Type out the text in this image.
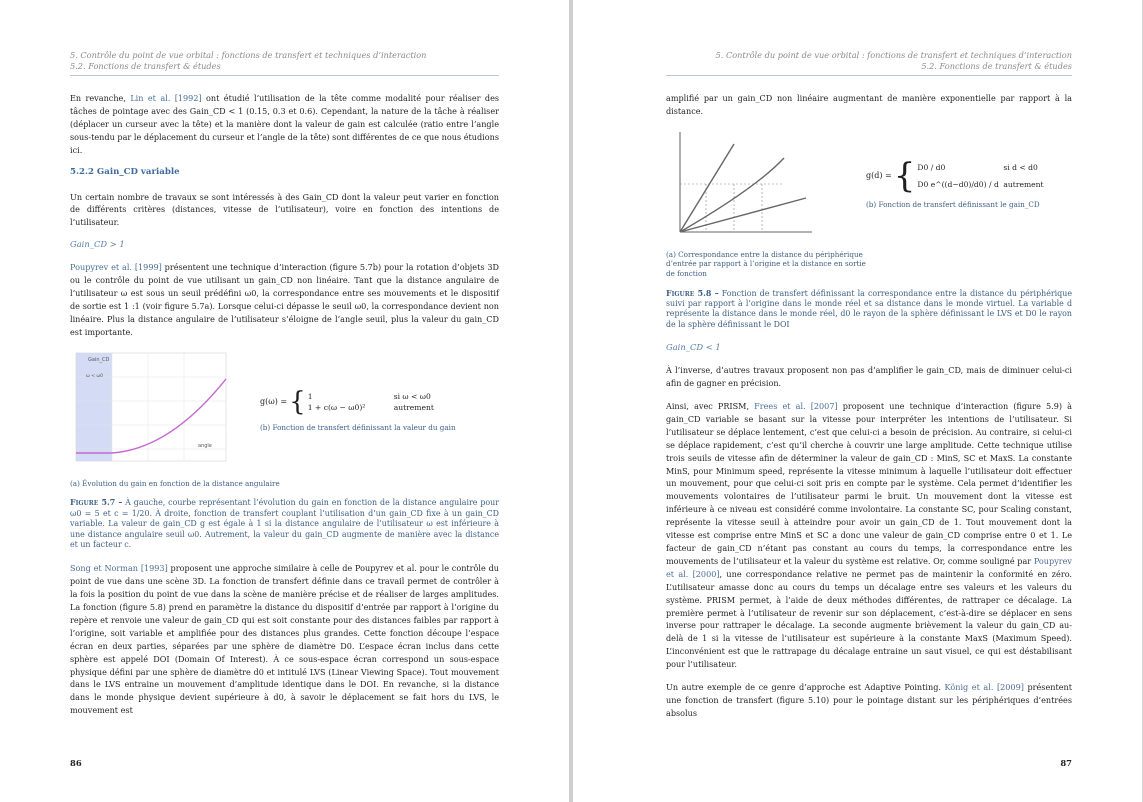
5. Contrôle du point de vue orbital : fonctions de transfert et techniques d’interaction
5.2. Fonctions de transfert & études

En revanche, Lin et al. [1992] ont étudié l’utilisation de la tête comme modalité pour réaliser des tâches de pointage avec des Gain_CD < 1 (0.15, 0.3 et 0.6). Cependant, la nature de la tâche à réaliser (déplacer un curseur avec la tête) et la manière dont la valeur de gain est calculée (ratio entre l’angle sous-tendu par le déplacement du curseur et l’angle de la tête) sont différentes de ce que nous étudions ici.

5.2.2 Gain_CD variable

Un certain nombre de travaux se sont intéressés à des Gain_CD dont la valeur peut varier en fonction de différents critères (distances, vitesse de l’utilisateur), voire en fonction des intentions de l’utilisateur.

Gain_CD > 1

Poupyrev et al. [1999] présentent une technique d’interaction (figure 5.7b) pour la rotation d’objets 3D ou le contrôle du point de vue utilisant un gain_CD non linéaire. Tant que la distance angulaire de l’utilisateur ω est sous un seuil prédéfini ω0, la correspondance entre ses mouvements et le dispositif de sortie est 1 :1 (voir figure 5.7a). Lorsque celui-ci dépasse le seuil ω0, la correspondance devient non linéaire. Plus la distance angulaire de l’utilisateur s’éloigne de l’angle seuil, plus la valeur du gain_CD est importante.

Gain_CD
ω < ω0
angle
g(ω) = { 1	si ω < ω0
1 + c(ω − ω0)²	autrement
(b) Fonction de transfert définissant la valeur du gain
(a) Évolution du gain en fonction de la distance angulaire
Figure 5.7 – À gauche, courbe représentant l’évolution du gain en fonction de la distance angulaire pour ω0 = 5 et c = 1/20. À droite, fonction de transfert couplant l’utilisation d’un gain_CD fixe à un gain_CD variable. La valeur de gain_CD g est égale à 1 si la distance angulaire de l’utilisateur ω est inférieure à une distance angulaire seuil ω0. Autrement, la valeur du gain_CD augmente de manière avec la distance et un facteur c.

Song et Norman [1993] proposent une approche similaire à celle de Poupyrev et al. pour le contrôle du point de vue dans une scène 3D. La fonction de transfert définie dans ce travail permet de contrôler à la fois la position du point de vue dans la scène de manière précise et de réaliser de larges amplitudes. La fonction (figure 5.8) prend en paramètre la distance du dispositif d’entrée par rapport à l’origine du repère et renvoie une valeur de gain_CD qui est soit constante pour des distances faibles par rapport à l’origine, soit variable et amplifiée pour des distances plus grandes. Cette fonction découpe l’espace écran en deux parties, séparées par une sphère de diamètre D0. L’espace écran inclus dans cette sphère est appelé DOI (Domain Of Interest). À ce sous-espace écran correspond un sous-espace physique défini par une sphère de diamètre d0 et intitulé LVS (Linear Viewing Space). Tout mouvement dans le LVS entraine un mouvement d’amplitude identique dans le DOI. En revanche, si la distance dans le monde physique devient supérieure à d0, à savoir le déplacement se fait hors du LVS, le mouvement est

86
5. Contrôle du point de vue orbital : fonctions de transfert et techniques d’interaction
5.2. Fonctions de transfert & études

amplifié par un gain_CD non linéaire augmentant de manière exponentielle par rapport à la distance.

g(d) = { D0 / d0	si d < d0
D0 e^((d−d0)/d0) / d autrement
(b) Fonction de transfert définissant le gain_CD
(a) Correspondance entre la distance du périphérique d’entrée par rapport à l’origine et la distance en sortie de fonction
Figure 5.8 – Fonction de transfert définissant la correspondance entre la distance du périphérique suivi par rapport à l’origine dans le monde réel et sa distance dans le monde virtuel. La variable d représente la distance dans le monde réel, d0 le rayon de la sphère définissant le LVS et D0 le rayon de la sphère définissant le DOI
Gain_CD < 1

À l’inverse, d’autres travaux proposent non pas d’amplifier le gain_CD, mais de diminuer celui-ci afin de gagner en précision.

Ainsi, avec PRISM, Frees et al. [2007] proposent une technique d’interaction (figure 5.9) à gain_CD variable se basant sur la vitesse pour interpréter les intentions de l’utilisateur. Si l’utilisateur se déplace lentement, c’est que celui-ci a besoin de précision. Au contraire, si celui-ci se déplace rapidement, c’est qu’il cherche à couvrir une large amplitude. Cette technique utilise trois seuils de vitesse afin de déterminer la valeur de gain_CD : MinS, SC et MaxS. La constante MinS, pour Minimum speed, représente la vitesse minimum à laquelle l’utilisateur doit effectuer un mouvement, pour que celui-ci soit pris en compte par le système. Cela permet d’identifier les mouvements volontaires de l’utilisateur parmi le bruit. Un mouvement dont la vitesse est inférieure à ce niveau est considéré comme involontaire. La constante SC, pour Scaling constant, représente la vitesse seuil à atteindre pour avoir un gain_CD de 1. Tout mouvement dont la vitesse est comprise entre MinS et SC a donc une valeur de gain_CD comprise entre 0 et 1. Le facteur de gain_CD n’étant pas constant au cours du temps, la correspondance entre les mouvements de l’utilisateur et la valeur du système est relative. Or, comme souligné par Poupyrev et al. [2000], une correspondance relative ne permet pas de maintenir la conformité en zéro. L’utilisateur amasse donc au cours du temps un décalage entre ses valeurs et les valeurs du système. PRISM permet, à l’aide de deux méthodes différentes, de rattraper ce décalage. La première permet à l’utilisateur de revenir sur son déplacement, c’est-à-dire se déplacer en sens inverse pour rattraper le décalage. La seconde augmente brièvement la valeur du gain_CD au-delà de 1 si la vitesse de l’utilisateur est supérieure à la constante MaxS (Maximum Speed). L’inconvénient est que le rattrapage du décalage entraine un saut visuel, ce qui est déstabilisant pour l’utilisateur.

Un autre exemple de ce genre d’approche est Adaptive Pointing. König et al. [2009] présentent une fonction de transfert (figure 5.10) pour le pointage distant sur les périphériques d’entrées absolus

87
